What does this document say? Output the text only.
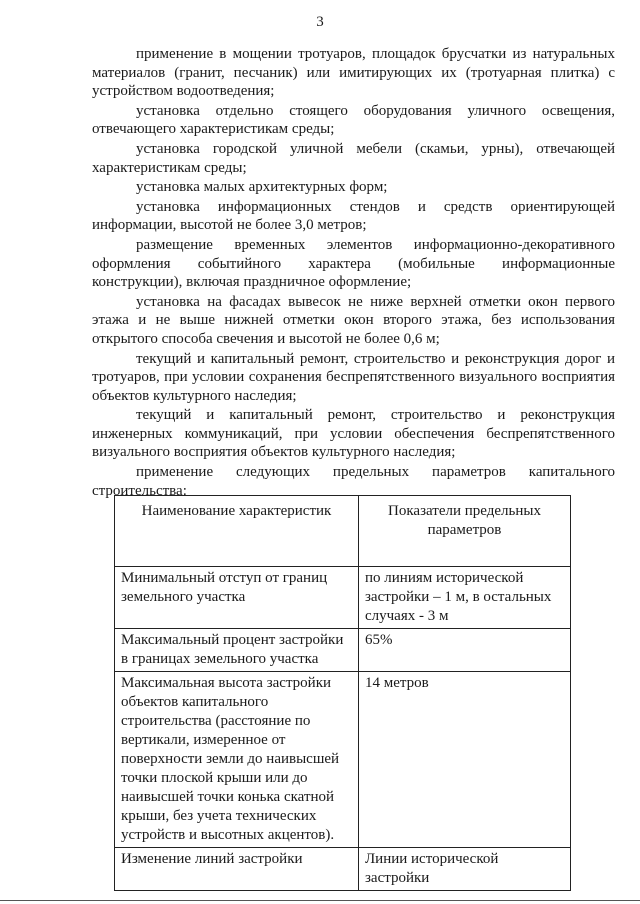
3

применение в мощении тротуаров, площадок брусчатки из натуральных материалов (гранит, песчаник) или имитирующих их (тротуарная плитка) с устройством водоотведения;

установка отдельно стоящего оборудования уличного освещения, отвечающего характеристикам среды;

установка городской уличной мебели (скамьи, урны), отвечающей характеристикам среды;

установка малых архитектурных форм;

установка информационных стендов и средств ориентирующей информации, высотой не более 3,0 метров;

размещение временных элементов информационно-декоративного оформления событийного характера (мобильные информационные конструкции), включая праздничное оформление;

установка на фасадах вывесок не ниже верхней отметки окон первого этажа и не выше нижней отметки окон второго этажа, без использования открытого способа свечения и высотой не более 0,6 м;

текущий и капитальный ремонт, строительство и реконструкция дорог и тротуаров, при условии сохранения беспрепятственного визуального восприятия объектов культурного наследия;

текущий и капитальный ремонт, строительство и реконструкция инженерных коммуникаций, при условии обеспечения беспрепятственного визуального восприятия объектов культурного наследия;

применение следующих предельных параметров капитального строительства:

Наименование характеристик	Показатели предельных параметров
Минимальный отступ от границ земельного участка	по линиям исторической застройки – 1 м, в остальных случаях - 3 м
Максимальный процент застройки в границах земельного участка	65%
Максимальная высота застройки объектов капитального строительства (расстояние по вертикали, измеренное от поверхности земли до наивысшей точки плоской крыши или до наивысшей точки конька скатной крыши, без учета технических устройств и высотных акцентов).	14 метров
Изменение линий застройки	Линии исторической застройки
